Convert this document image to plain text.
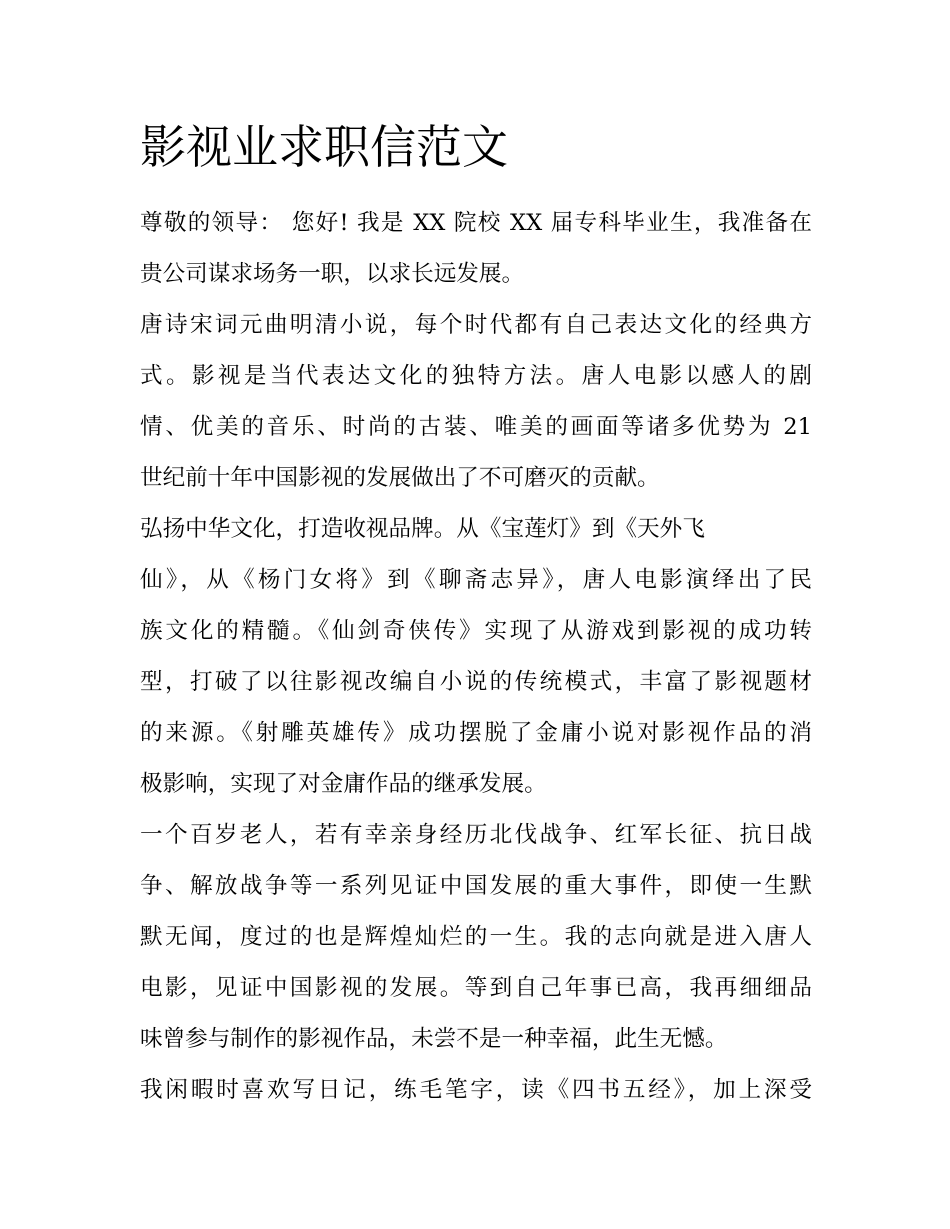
影视业求职信范文
尊敬的领导： 您好! 我是 XX 院校 XX 届专科毕业生，我准备在
贵公司谋求场务一职，以求长远发展。
唐诗宋词元曲明清小说，每个时代都有自己表达文化的经典方
式。影视是当代表达文化的独特方法。唐人电影以感人的剧
情、优美的音乐、时尚的古装、唯美的画面等诸多优势为 21
世纪前十年中国影视的发展做出了不可磨灭的贡献。
弘扬中华文化，打造收视品牌。从《宝莲灯》到《天外飞
仙》，从《杨门女将》到《聊斋志异》，唐人电影演绎出了民
族文化的精髓。《仙剑奇侠传》实现了从游戏到影视的成功转
型，打破了以往影视改编自小说的传统模式，丰富了影视题材
的来源。《射雕英雄传》成功摆脱了金庸小说对影视作品的消
极影响，实现了对金庸作品的继承发展。
一个百岁老人，若有幸亲身经历北伐战争、红军长征、抗日战
争、解放战争等一系列见证中国发展的重大事件，即使一生默
默无闻，度过的也是辉煌灿烂的一生。我的志向就是进入唐人
电影，见证中国影视的发展。等到自己年事已高，我再细细品
味曾参与制作的影视作品，未尝不是一种幸福，此生无憾。
我闲暇时喜欢写日记，练毛笔字，读《四书五经》，加上深受
